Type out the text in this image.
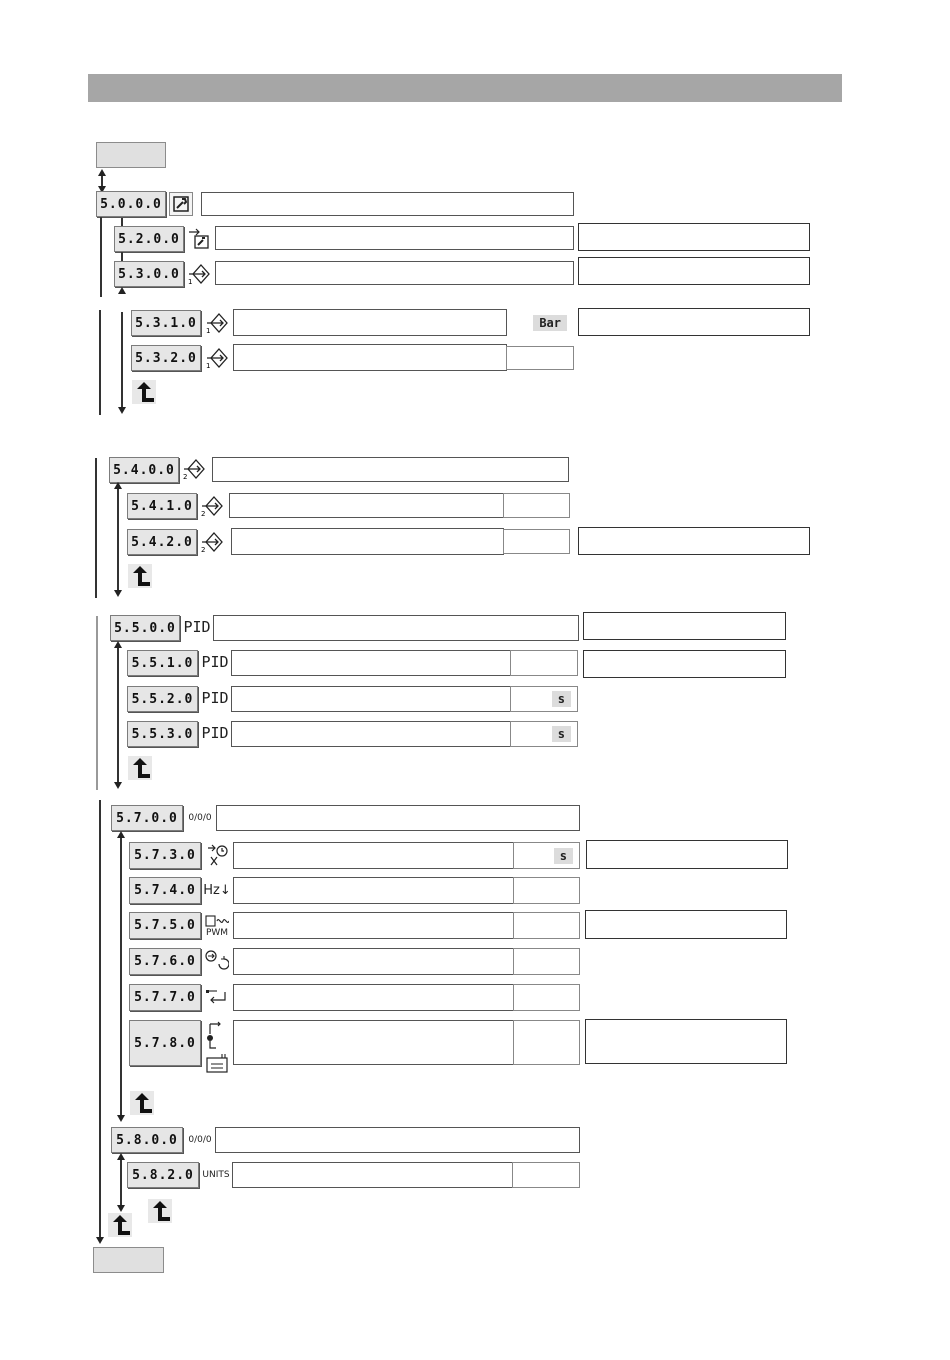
5.0.0.0
5.2.0.0
5.3.0.0
1
5.3.1.0
1
Bar
5.3.2.0
1
5.4.0.0	2
5.4.1.0
2
5.4.2.0
2
5.5.0.0 PID
5.5.1.0 PID
5.5.2.0 PID	s
5.5.3.0 PID	s
5.7.0.0	0/0/0
5.7.3.0	s
5.7.4.0 Hz↓
5.7.5.0	PWM
5.7.6.0
5.7.7.0
5.7.8.0
5.8.0.0	0/0/0
5.8.2.0 UNITS
